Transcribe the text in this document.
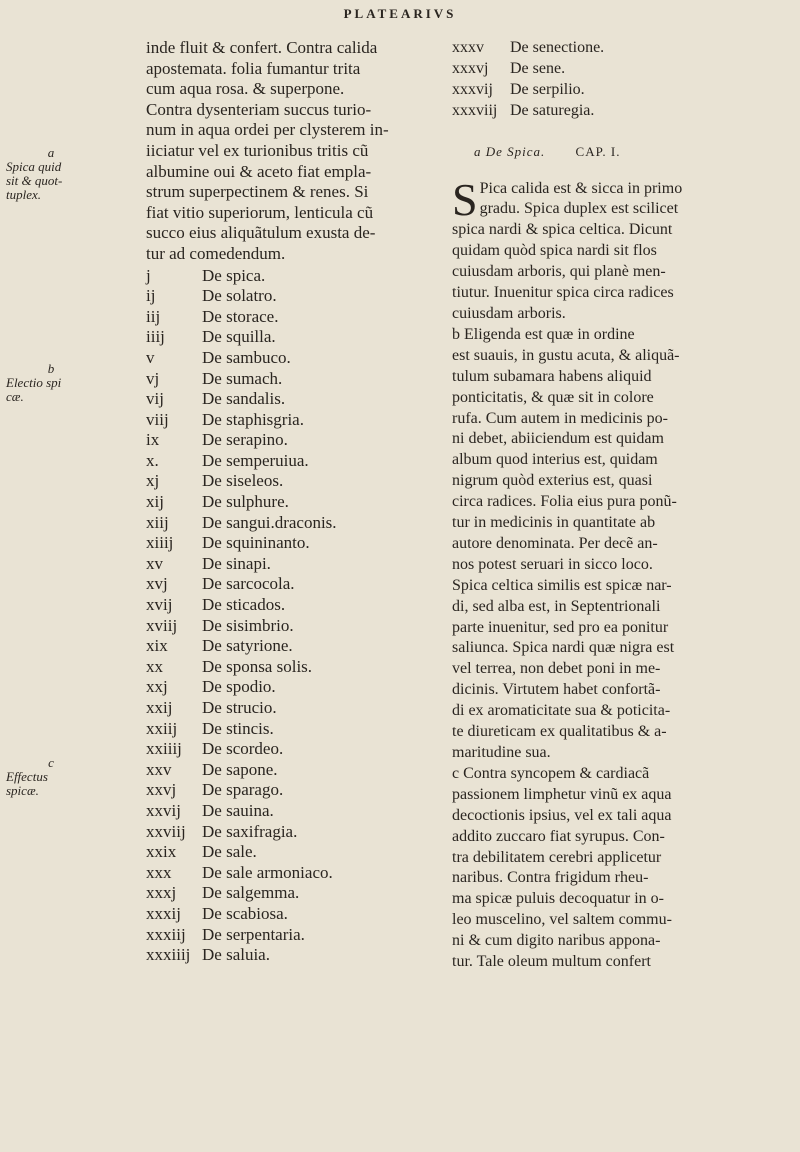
PLATEARIVS
a
Spica quid
sit & quot-
tuplex.
b
Electio spi
cæ.
c
Effectus
spicæ.
inde fluit & confert. Contra calida
apostemata. folia fumantur trita
cum aqua rosa. & superpone.
Contra dysenteriam succus turio-
num in aqua ordei per clysterem in-
iiciatur vel ex turionibus tritis cũ
albumine oui & aceto fiat empla-
strum superpectinem & renes. Si
fiat vitio superiorum, lenticula cũ
succo eius aliquãtulum exusta de-
tur ad comedendum.
j	De spica.
ij	De solatro.
iij	De storace.
iiij	De squilla.
v	De sambuco.
vj	De sumach.
vij	De sandalis.
viij	De staphisgria.
ix	De serapino.
x.	De semperuiua.
xj	De siseleos.
xij	De sulphure.
xiij	De sangui.draconis.
xiiij	De squininanto.
xv	De sinapi.
xvj	De sarcocola.
xvij	De sticados.
xviij	De sisimbrio.
xix	De satyrione.
xx	De sponsa solis.
xxj	De spodio.
xxij	De strucio.
xxiij	De stincis.
xxiiij	De scordeo.
xxv	De sapone.
xxvj	De sparago.
xxvij	De sauina.
xxviij De saxifragia.
xxix	De sale.
xxx	De sale armoniaco.
xxxj	De salgemma.
xxxij	De scabiosa.
xxxiij De serpentaria.
xxxiiij De saluia.
xxxv	De senectione.
xxxvj	De sene.
xxxvij	De serpilio.
xxxviij De saturegia.
a De Spica. CAP. I.
S Pica calida est & sicca in primo
gradu. Spica duplex est scilicet
spica nardi & spica celtica. Dicunt
quidam quòd spica nardi sit flos
cuiusdam arboris, qui planè men-
tiutur. Inuenitur spica circa radices
cuiusdam arboris.
b Eligenda est quæ in ordine
est suauis, in gustu acuta, & aliquã-
tulum subamara habens aliquid
ponticitatis, & quæ sit in colore
rufa. Cum autem in medicinis po-
ni debet, abiiciendum est quidam
album quod interius est, quidam
nigrum quòd exterius est, quasi
circa radices. Folia eius pura ponũ-
tur in medicinis in quantitate ab
autore denominata. Per decẽ an-
nos potest seruari in sicco loco.
Spica celtica similis est spicæ nar-
di, sed alba est, in Septentrionali
parte inuenitur, sed pro ea ponitur
saliunca. Spica nardi quæ nigra est
vel terrea, non debet poni in me-
dicinis. Virtutem habet confortã-
di ex aromaticitate sua & poticita-
te diureticam ex qualitatibus & a-
maritudine sua.
c Contra syncopem & cardiacã
passionem limphetur vinũ ex aqua
decoctionis ipsius, vel ex tali aqua
addito zuccaro fiat syrupus. Con-
tra debilitatem cerebri applicetur
naribus. Contra frigidum rheu-
ma spicæ puluis decoquatur in o-
leo muscelino, vel saltem commu-
ni & cum digito naribus appona-
tur. Tale oleum multum confert
